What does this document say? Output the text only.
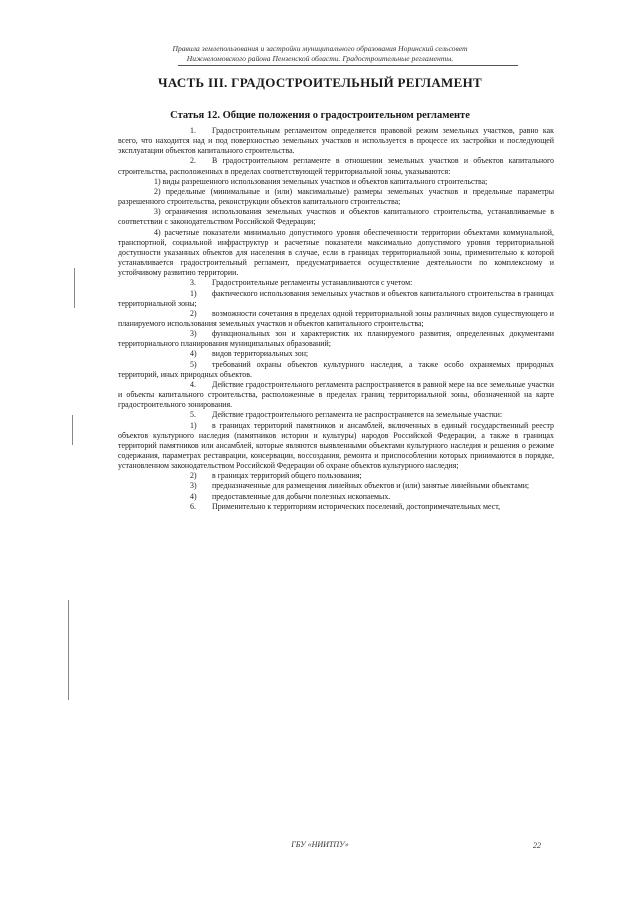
Правила землепользования и застройки муниципального образования Норинский сельсовет
Нижнеломовского района Пензенской области. Градостроительные регламенты.
ЧАСТЬ III. ГРАДОСТРОИТЕЛЬНЫЙ РЕГЛАМЕНТ
Статья 12. Общие положения о градостроительном регламенте

1. Градостроительным регламентом определяется правовой режим земельных участков, равно как всего, что находится над и под поверхностью земельных участков и используется в процессе их застройки и последующей эксплуатации объектов капитального строительства.

2. В градостроительном регламенте в отношении земельных участков и объектов капитального строительства, расположенных в пределах соответствующей территориальной зоны, указываются:

1) виды разрешенного использования земельных участков и объектов капитального строительства;

2) предельные (минимальные и (или) максимальные) размеры земельных участков и предельные параметры разрешенного строительства, реконструкции объектов капитального строительства;

3) ограничения использования земельных участков и объектов капитального строительства, устанавливаемые в соответствии с законодательством Российской Федерации;

4) расчетные показатели минимально допустимого уровня обеспеченности территории объектами коммунальной, транспортной, социальной инфраструктур и расчетные показатели максимально допустимого уровня территориальной доступности указанных объектов для населения в случае, если в границах территориальной зоны, применительно к которой устанавливается градостроительный регламент, предусматривается осуществление деятельности по комплексному и устойчивому развитию территории.

3. Градостроительные регламенты устанавливаются с учетом:

1) фактического использования земельных участков и объектов капитального строительства в границах территориальной зоны;

2) возможности сочетания в пределах одной территориальной зоны различных видов существующего и планируемого использования земельных участков и объектов капитального строительства;

3) функциональных зон и характеристик их планируемого развития, определенных документами территориального планирования муниципальных образований;

4) видов территориальных зон;

5) требований охраны объектов культурного наследия, а также особо охраняемых природных территорий, иных природных объектов.

4. Действие градостроительного регламента распространяется в равной мере на все земельные участки и объекты капитального строительства, расположенные в пределах границ территориальной зоны, обозначенной на карте градостроительного зонирования.

5. Действие градостроительного регламента не распространяется на земельные участки:

1) в границах территорий памятников и ансамблей, включенных в единый государственный реестр объектов культурного наследия (памятников истории и культуры) народов Российской Федерации, а также в границах территорий памятников или ансамблей, которые являются выявленными объектами культурного наследия и решения о режиме содержания, параметрах реставрации, консервации, воссоздания, ремонта и приспособлении которых принимаются в порядке, установленном законодательством Российской Федерации об охране объектов культурного наследия;

2) в границах территорий общего пользования;

3) предназначенные для размещения линейных объектов и (или) занятые линейными объектами;

4) предоставленные для добычи полезных ископаемых.

6. Применительно к территориям исторических поселений, достопримечательных мест,

ГБУ «НИИТПУ»	22
